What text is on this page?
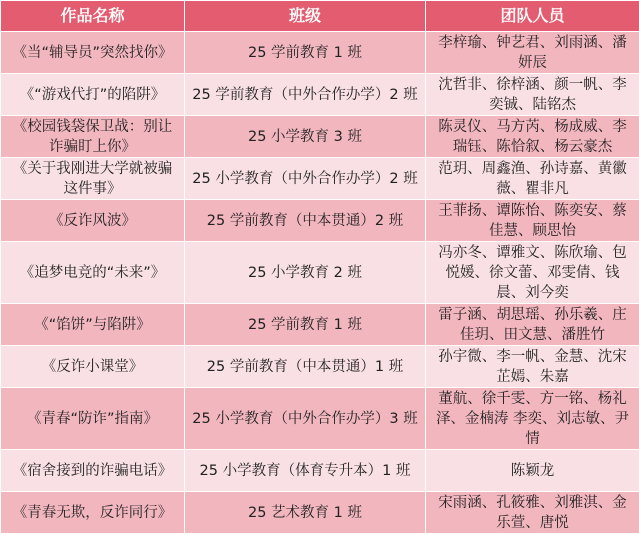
作品名称	班级	团队人员
《当“辅导员”突然找你》	25 学前教育 1 班	李梓瑜、钟艺君、刘雨涵、潘妍辰
《“游戏代打”的陷阱》	25 学前教育（中外合作办学）2 班	沈哲非、徐梓涵、颜一帆、李奕铖、陆铭杰
《校园钱袋保卫战：别让诈骗盯上你》	25 小学教育 3 班	陈灵仪、马方芮、杨成威、李瑞钰、陈恰叙、杨云豪杰
《关于我刚进大学就被骗这件事》	25 小学教育（中外合作办学）2 班	范玥、周鑫渔、孙诗嘉、黄徽薇、瞿非凡
《反诈风波》	25 学前教育（中本贯通）2 班	王菲扬、谭陈怡、陈奕安、蔡佳慧、顾思怡
《追梦电竞的“未来”》	25 小学教育 2 班	冯亦冬、谭雅文、陈欣瑜、包悦媛、徐文蕾、邓雯倩、钱晨、刘今奕
《“馅饼”与陷阱》	25 学前教育 1 班	雷子涵、胡思瑶、孙乐羲、庄佳玥、田文慧、潘胜竹
《反诈小课堂》	25 学前教育（中本贯通）1 班	孙宇微、李一帆、金慧、沈宋芷嫣、朱嘉
《青春“防诈”指南》	25 小学教育（中外合作办学）3 班	董航、徐千雯、方一铭、杨礼泽、金楠涛 李奕、刘志敏、尹情
《宿舍接到的诈骗电话》	25 小学教育（体育专升本）1 班	陈颖龙
《青春无欺，反诈同行》	25 艺术教育 1 班	宋雨涵、孔筱雅、刘雅淇、金乐萱、唐悦
